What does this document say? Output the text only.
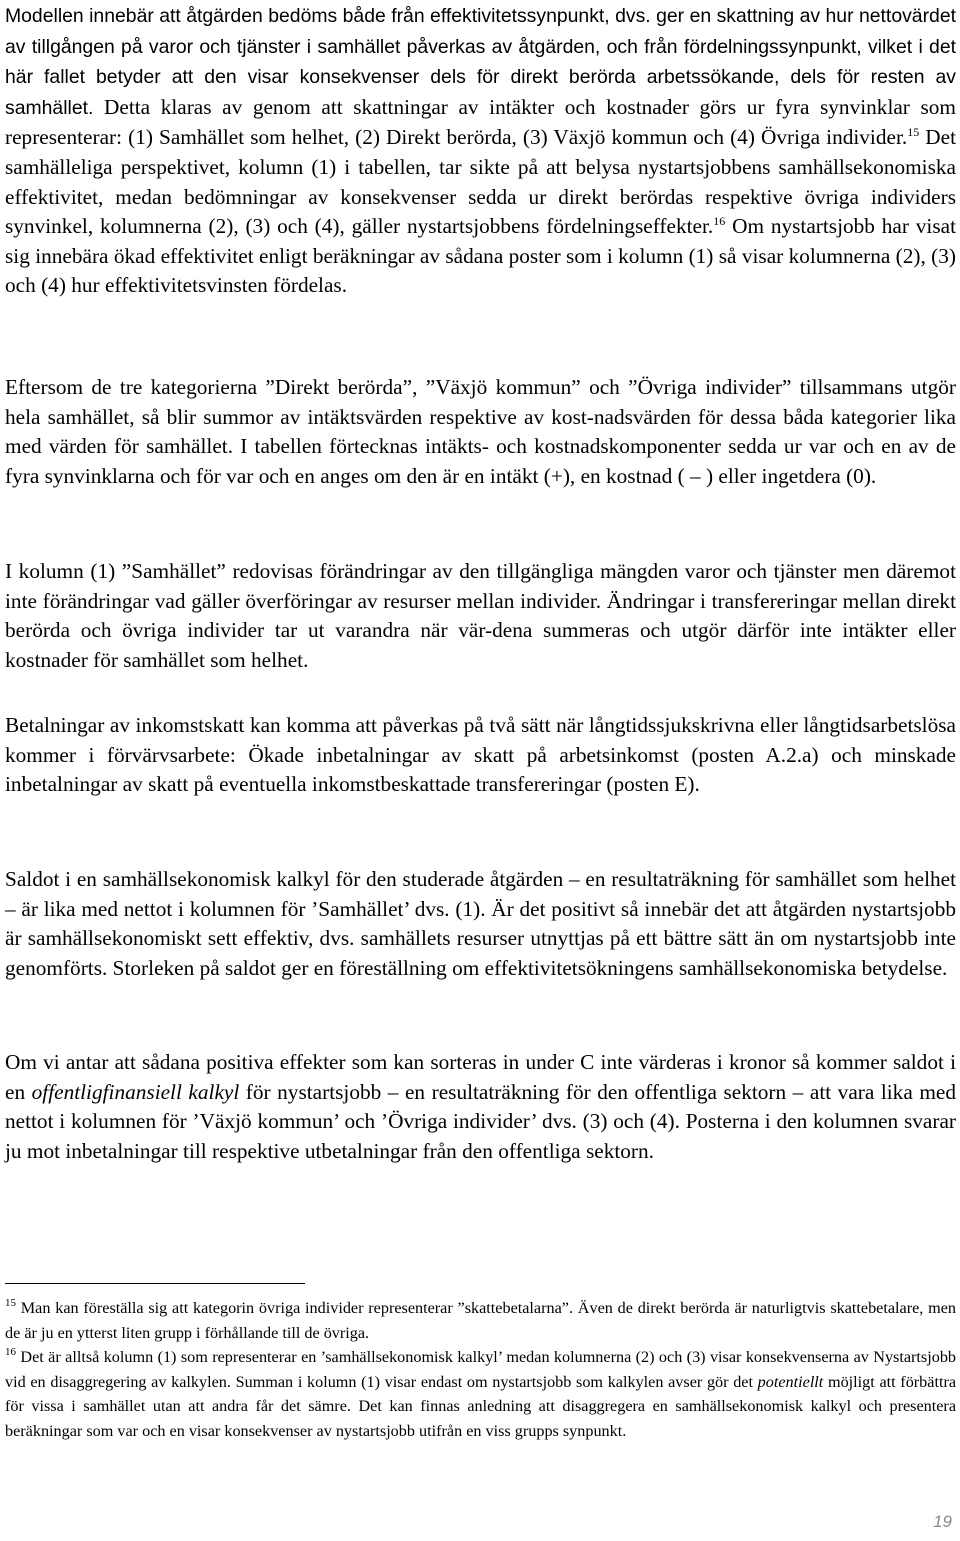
Modellen innebär att åtgärden bedöms både från effektivitetssynpunkt, dvs. ger en skattning av hur nettovärdet av tillgången på varor och tjänster i samhället påverkas av åtgärden, och från fördelningssynpunkt, vilket i det här fallet betyder att den visar konsekvenser dels för direkt berörda arbetssökande, dels för resten av samhället. Detta klaras av genom att skattningar av intäkter och kostnader görs ur fyra synvinklar som representerar: (1) Samhället som helhet, (2) Direkt berörda, (3) Växjö kommun och (4) Övriga individer.$^{15}$ Det samhälleliga perspektivet, kolumn (1) i tabellen, tar sikte på att belysa nystartsjobbens samhällsekonomiska effektivitet, medan bedömningar av konsekvenser sedda ur direkt berördas respektive övriga individers synvinkel, kolumnerna (2), (3) och (4), gäller nystartsjobbens fördelningseffekter.$^{16}$ Om nystartsjobb har visat sig innebära ökad effektivitet enligt beräkningar av sådana poster som i kolumn (1) så visar kolumnerna (2), (3) och (4) hur effektivitetsvinsten fördelas.

Eftersom de tre kategorierna ”Direkt berörda”, ”Växjö kommun” och ”Övriga individer” tillsammans utgör hela samhället, så blir summor av intäktsvärden respektive av kost-nadsvärden för dessa båda kategorier lika med värden för samhället. I tabellen förtecknas intäkts- och kostnadskomponenter sedda ur var och en av de fyra synvinklarna och för var och en anges om den är en intäkt (+), en kostnad ( – ) eller ingetdera (0).

I kolumn (1) ”Samhället” redovisas förändringar av den tillgängliga mängden varor och tjänster men däremot inte förändringar vad gäller överföringar av resurser mellan individer. Ändringar i transfereringar mellan direkt berörda och övriga individer tar ut varandra när vär-dena summeras och utgör därför inte intäkter eller kostnader för samhället som helhet.

Betalningar av inkomstskatt kan komma att påverkas på två sätt när långtidssjukskrivna eller långtidsarbetslösa kommer i förvärvsarbete: Ökade inbetalningar av skatt på arbetsinkomst (posten A.2.a) och minskade inbetalningar av skatt på eventuella inkomstbeskattade transfereringar (posten E).

Saldot i en samhällsekonomisk kalkyl för den studerade åtgärden – en resultaträkning för samhället som helhet – är lika med nettot i kolumnen för ’Samhället’ dvs. (1). Är det positivt så innebär det att åtgärden nystartsjobb är samhällsekonomiskt sett effektiv, dvs. samhällets resurser utnyttjas på ett bättre sätt än om nystartsjobb inte genomförts. Storleken på saldot ger en föreställning om effektivitetsökningens samhällsekonomiska betydelse.

Om vi antar att sådana positiva effekter som kan sorteras in under C inte värderas i kronor så kommer saldot i en offentligfinansiell kalkyl för nystartsjobb – en resultaträkning för den offentliga sektorn – att vara lika med nettot i kolumnen för ’Växjö kommun’ och ’Övriga individer’ dvs. (3) och (4). Posterna i den kolumnen svarar ju mot inbetalningar till respektive utbetalningar från den offentliga sektorn.

$^{15}$ Man kan föreställa sig att kategorin övriga individer representerar ”skattebetalarna”. Även de direkt berörda är naturligtvis skattebetalare, men de är ju en ytterst liten grupp i förhållande till de övriga.

$^{16}$ Det är alltså kolumn (1) som representerar en ’samhällsekonomisk kalkyl’ medan kolumnerna (2) och (3) visar konsekvenserna av Nystartsjobb vid en disaggregering av kalkylen. Summan i kolumn (1) visar endast om nystartsjobb som kalkylen avser gör det potentiellt möjligt att förbättra för vissa i samhället utan att andra får det sämre. Det kan finnas anledning att disaggregera en samhällsekonomisk kalkyl och presentera beräkningar som var och en visar konsekvenser av nystartsjobb utifrån en viss grupps synpunkt.

19
